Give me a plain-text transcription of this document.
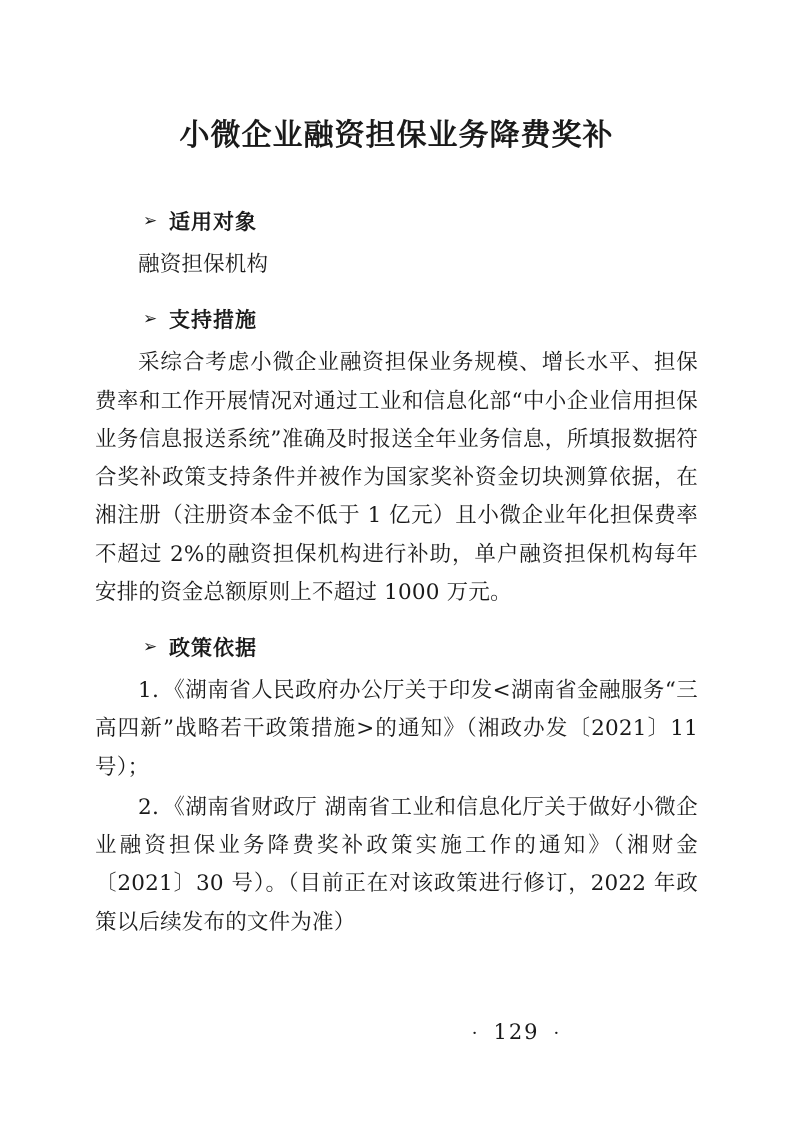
小微企业融资担保业务降费奖补
➢ 适用对象

融资担保机构

➢ 支持措施

采综合考虑小微企业融资担保业务规模、增长水平、担保费率和工作开展情况对通过工业和信息化部“中小企业信用担保业务信息报送系统”准确及时报送全年业务信息，所填报数据符合奖补政策支持条件并被作为国家奖补资金切块测算依据，在湘注册（注册资本金不低于 1 亿元）且小微企业年化担保费率不超过 2%的融资担保机构进行补助，单户融资担保机构每年安排的资金总额原则上不超过 1000 万元。

➢ 政策依据

1．《湖南省人民政府办公厅关于印发<湖南省金融服务“三高四新”战略若干政策措施>的通知》（湘政办发〔2021〕11 号）；

2．《湖南省财政厅 湖南省工业和信息化厅关于做好小微企业融资担保业务降费奖补政策实施工作的通知》（湘财金〔2021〕30 号）。（目前正在对该政策进行修订，2022 年政策以后续发布的文件为准）

· 129 ·
